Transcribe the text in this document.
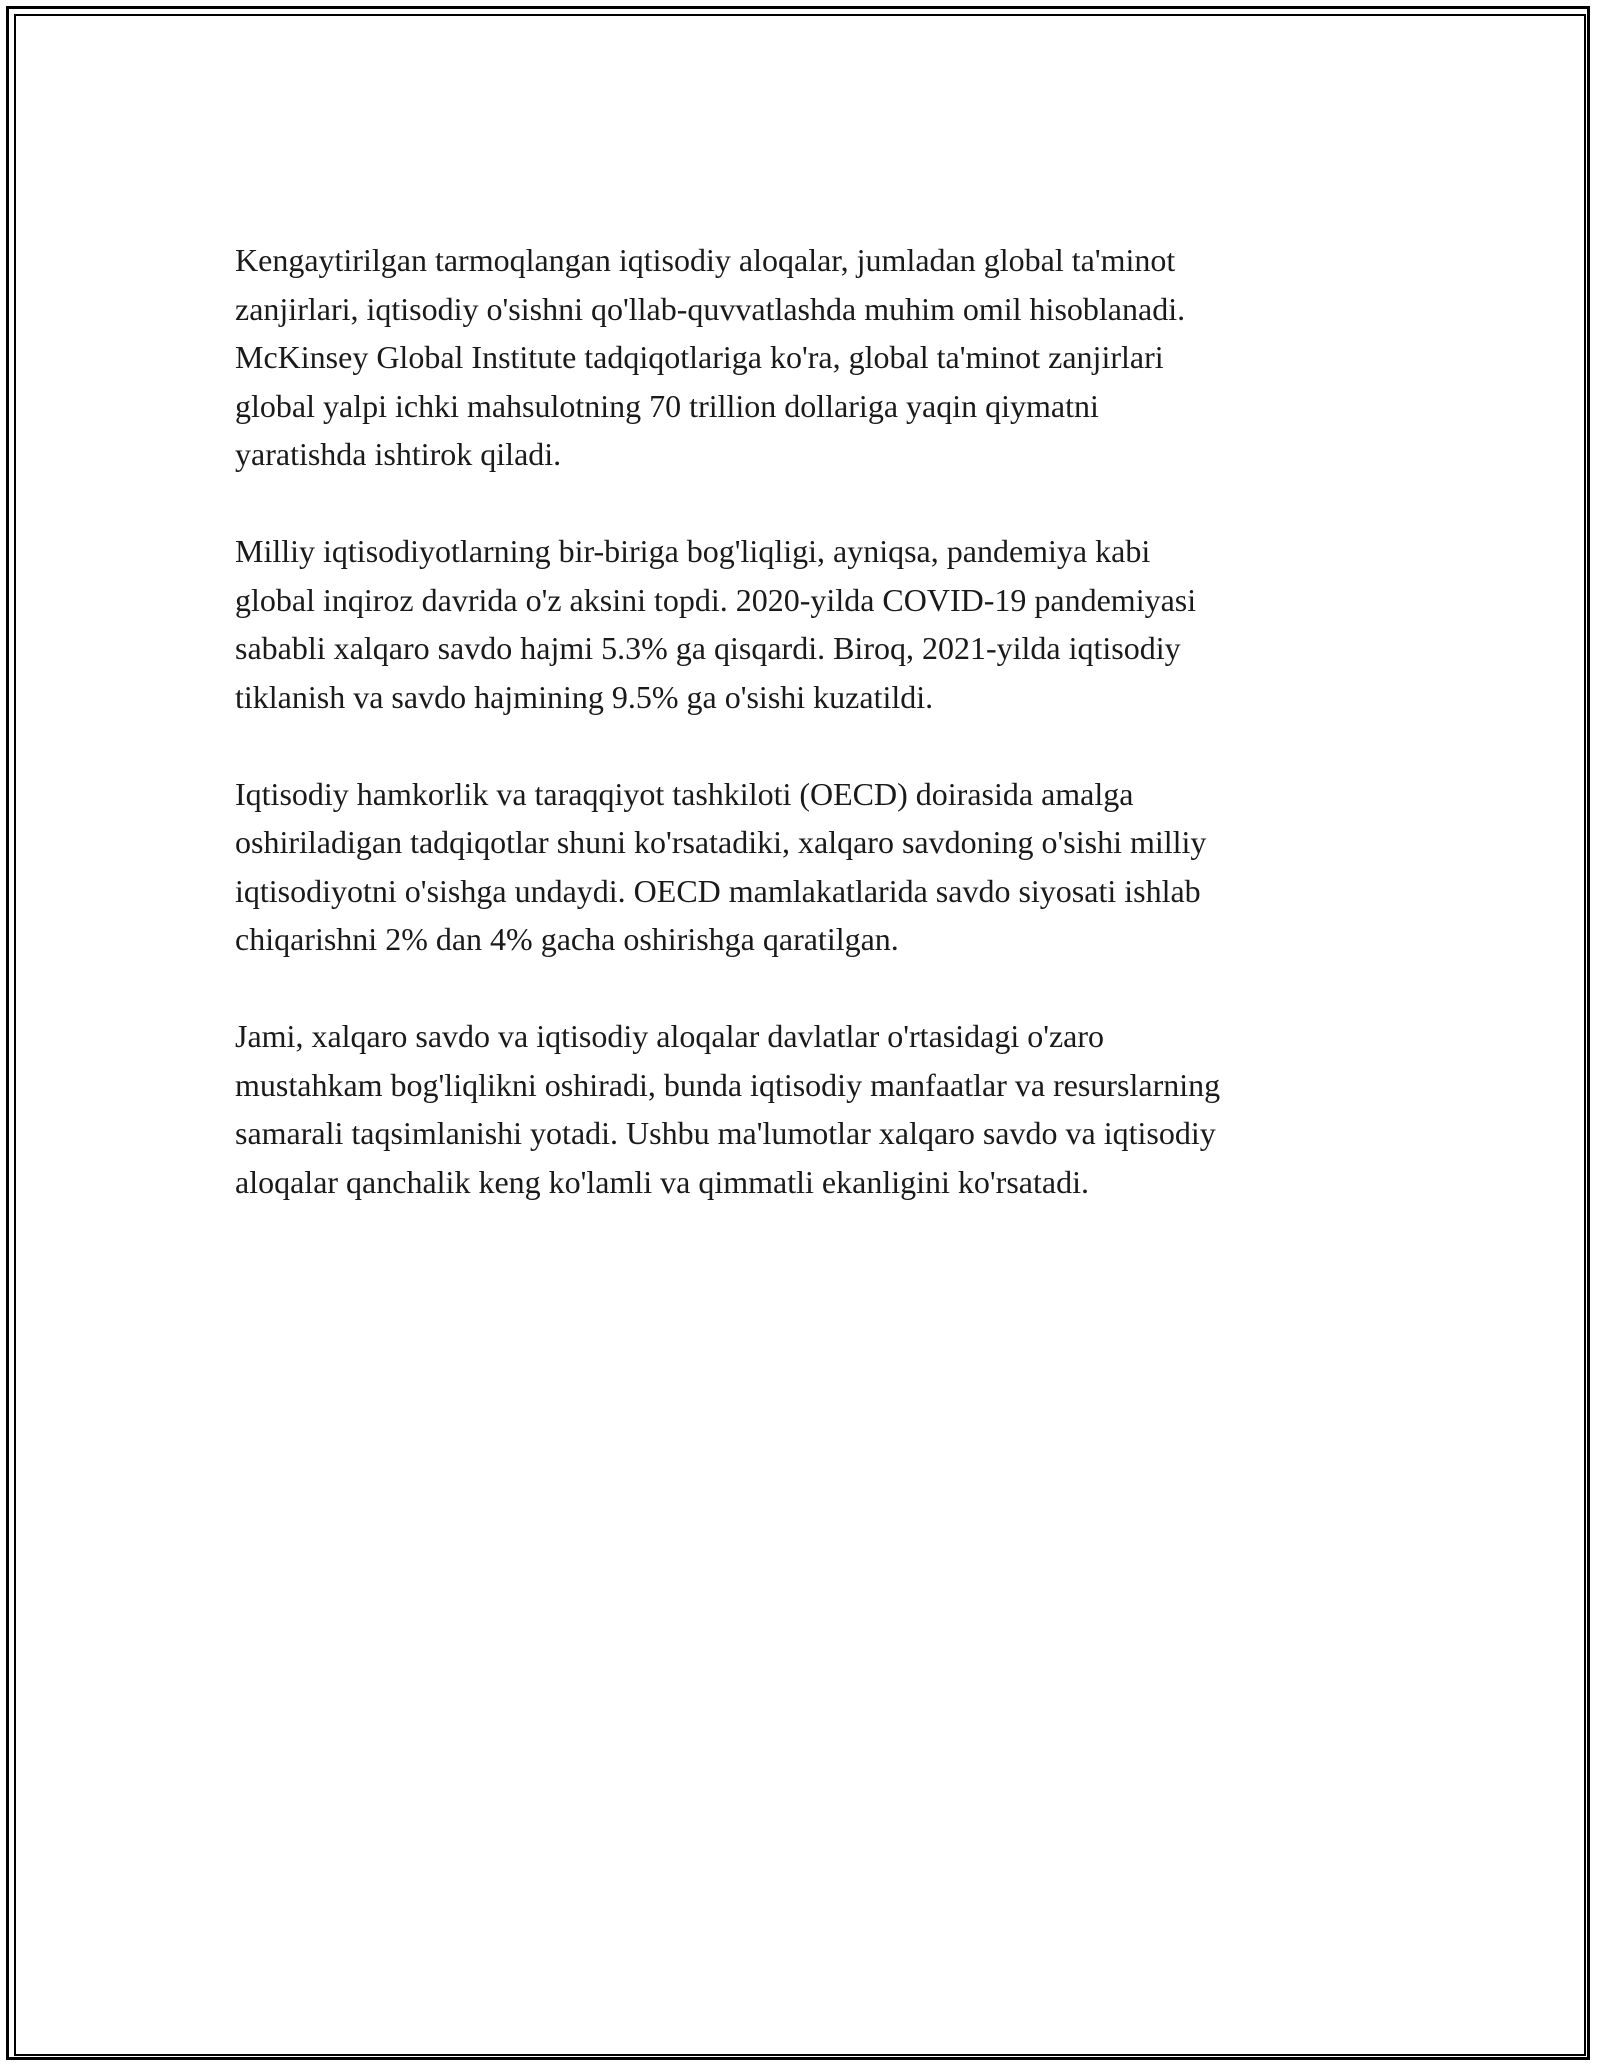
Kengaytirilgan tarmoqlangan iqtisodiy aloqalar, jumladan global ta'minot
zanjirlari, iqtisodiy o'sishni qo'llab-quvvatlashda muhim omil hisoblanadi.
McKinsey Global Institute tadqiqotlariga ko'ra, global ta'minot zanjirlari
global yalpi ichki mahsulotning 70 trillion dollariga yaqin qiymatni
yaratishda ishtirok qiladi.

Milliy iqtisodiyotlarning bir-biriga bog'liqligi, ayniqsa, pandemiya kabi
global inqiroz davrida o'z aksini topdi. 2020-yilda COVID-19 pandemiyasi
sababli xalqaro savdo hajmi 5.3% ga qisqardi. Biroq, 2021-yilda iqtisodiy
tiklanish va savdo hajmining 9.5% ga o'sishi kuzatildi.

Iqtisodiy hamkorlik va taraqqiyot tashkiloti (OECD) doirasida amalga
oshiriladigan tadqiqotlar shuni ko'rsatadiki, xalqaro savdoning o'sishi milliy
iqtisodiyotni o'sishga undaydi. OECD mamlakatlarida savdo siyosati ishlab
chiqarishni 2% dan 4% gacha oshirishga qaratilgan.

Jami, xalqaro savdo va iqtisodiy aloqalar davlatlar o'rtasidagi o'zaro
mustahkam bog'liqlikni oshiradi, bunda iqtisodiy manfaatlar va resurslarning
samarali taqsimlanishi yotadi. Ushbu ma'lumotlar xalqaro savdo va iqtisodiy
aloqalar qanchalik keng ko'lamli va qimmatli ekanligini ko'rsatadi.
